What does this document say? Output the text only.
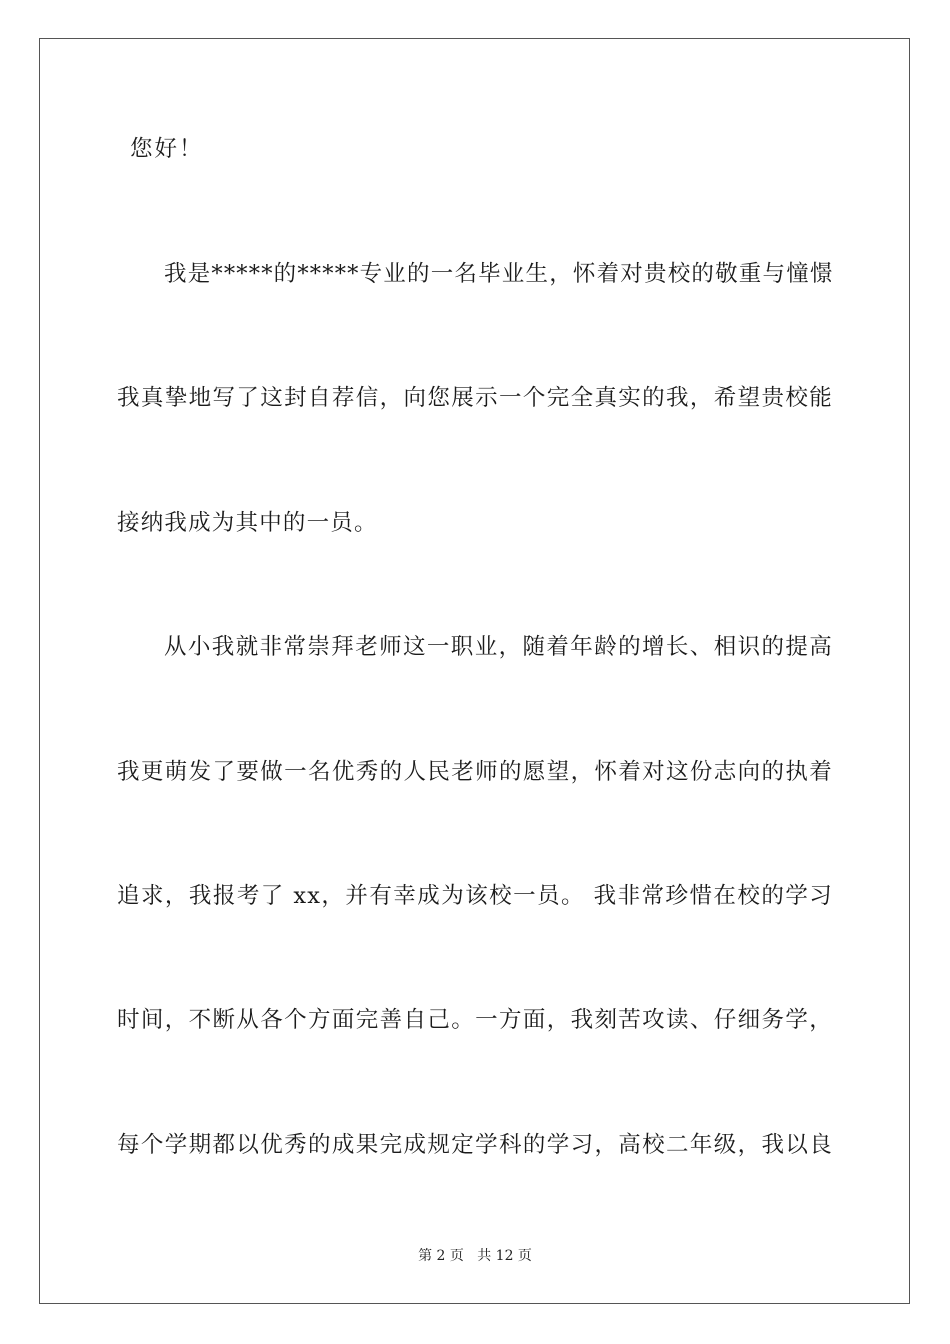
您好！
我是*****的*****专业的一名毕业生，怀着对贵校的敬重与憧憬
我真挚地写了这封自荐信，向您展示一个完全真实的我，希望贵校能
接纳我成为其中的一员。
从小我就非常崇拜老师这一职业，随着年龄的增长、相识的提高
我更萌发了要做一名优秀的人民老师的愿望，怀着对这份志向的执着
追求，我报考了 xx，并有幸成为该校一员。 我非常珍惜在校的学习
时间，不断从各个方面完善自己。一方面，我刻苦攻读、仔细务学，
每个学期都以优秀的成果完成规定学科的学习，高校二年级，我以良
第 2 页   共 12 页
